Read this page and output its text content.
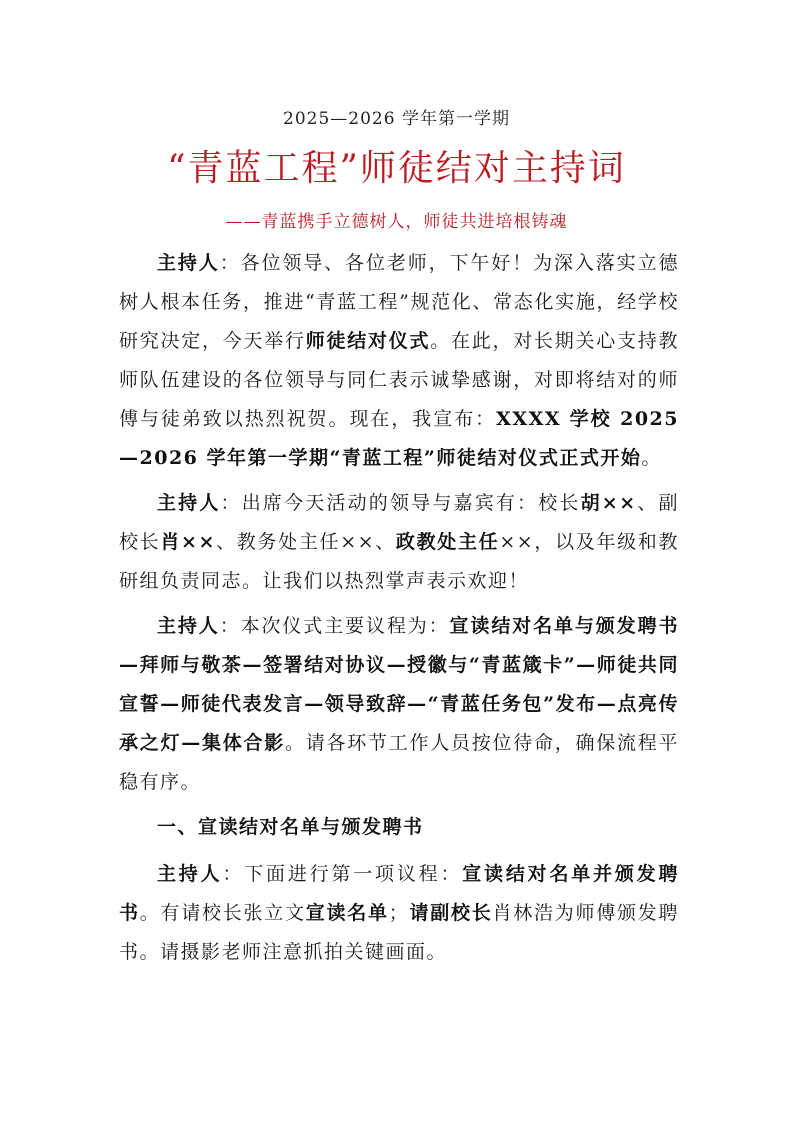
2025—2026 学年第一学期
“青蓝工程”师徒结对主持词
——青蓝携手立德树人，师徒共进培根铸魂

主持人：各位领导、各位老师，下午好！为深入落实立德树人根本任务，推进“青蓝工程”规范化、常态化实施，经学校研究决定，今天举行师徒结对仪式。在此，对长期关心支持教师队伍建设的各位领导与同仁表示诚挚感谢，对即将结对的师傅与徒弟致以热烈祝贺。现在，我宣布：XXXX 学校 2025—2026 学年第一学期“青蓝工程”师徒结对仪式正式开始。

主持人：出席今天活动的领导与嘉宾有：校长胡××、副校长肖××、教务处主任××、政教处主任××，以及年级和教研组负责同志。让我们以热烈掌声表示欢迎！

主持人：本次仪式主要议程为：宣读结对名单与颁发聘书—拜师与敬茶—签署结对协议—授徽与“青蓝箴卡”—师徒共同宣誓—师徒代表发言—领导致辞—“青蓝任务包”发布—点亮传承之灯—集体合影。请各环节工作人员按位待命，确保流程平稳有序。

一、宣读结对名单与颁发聘书

主持人：下面进行第一项议程：宣读结对名单并颁发聘书。有请校长张立文宣读名单；请副校长肖林浩为师傅颁发聘书。请摄影老师注意抓拍关键画面。
